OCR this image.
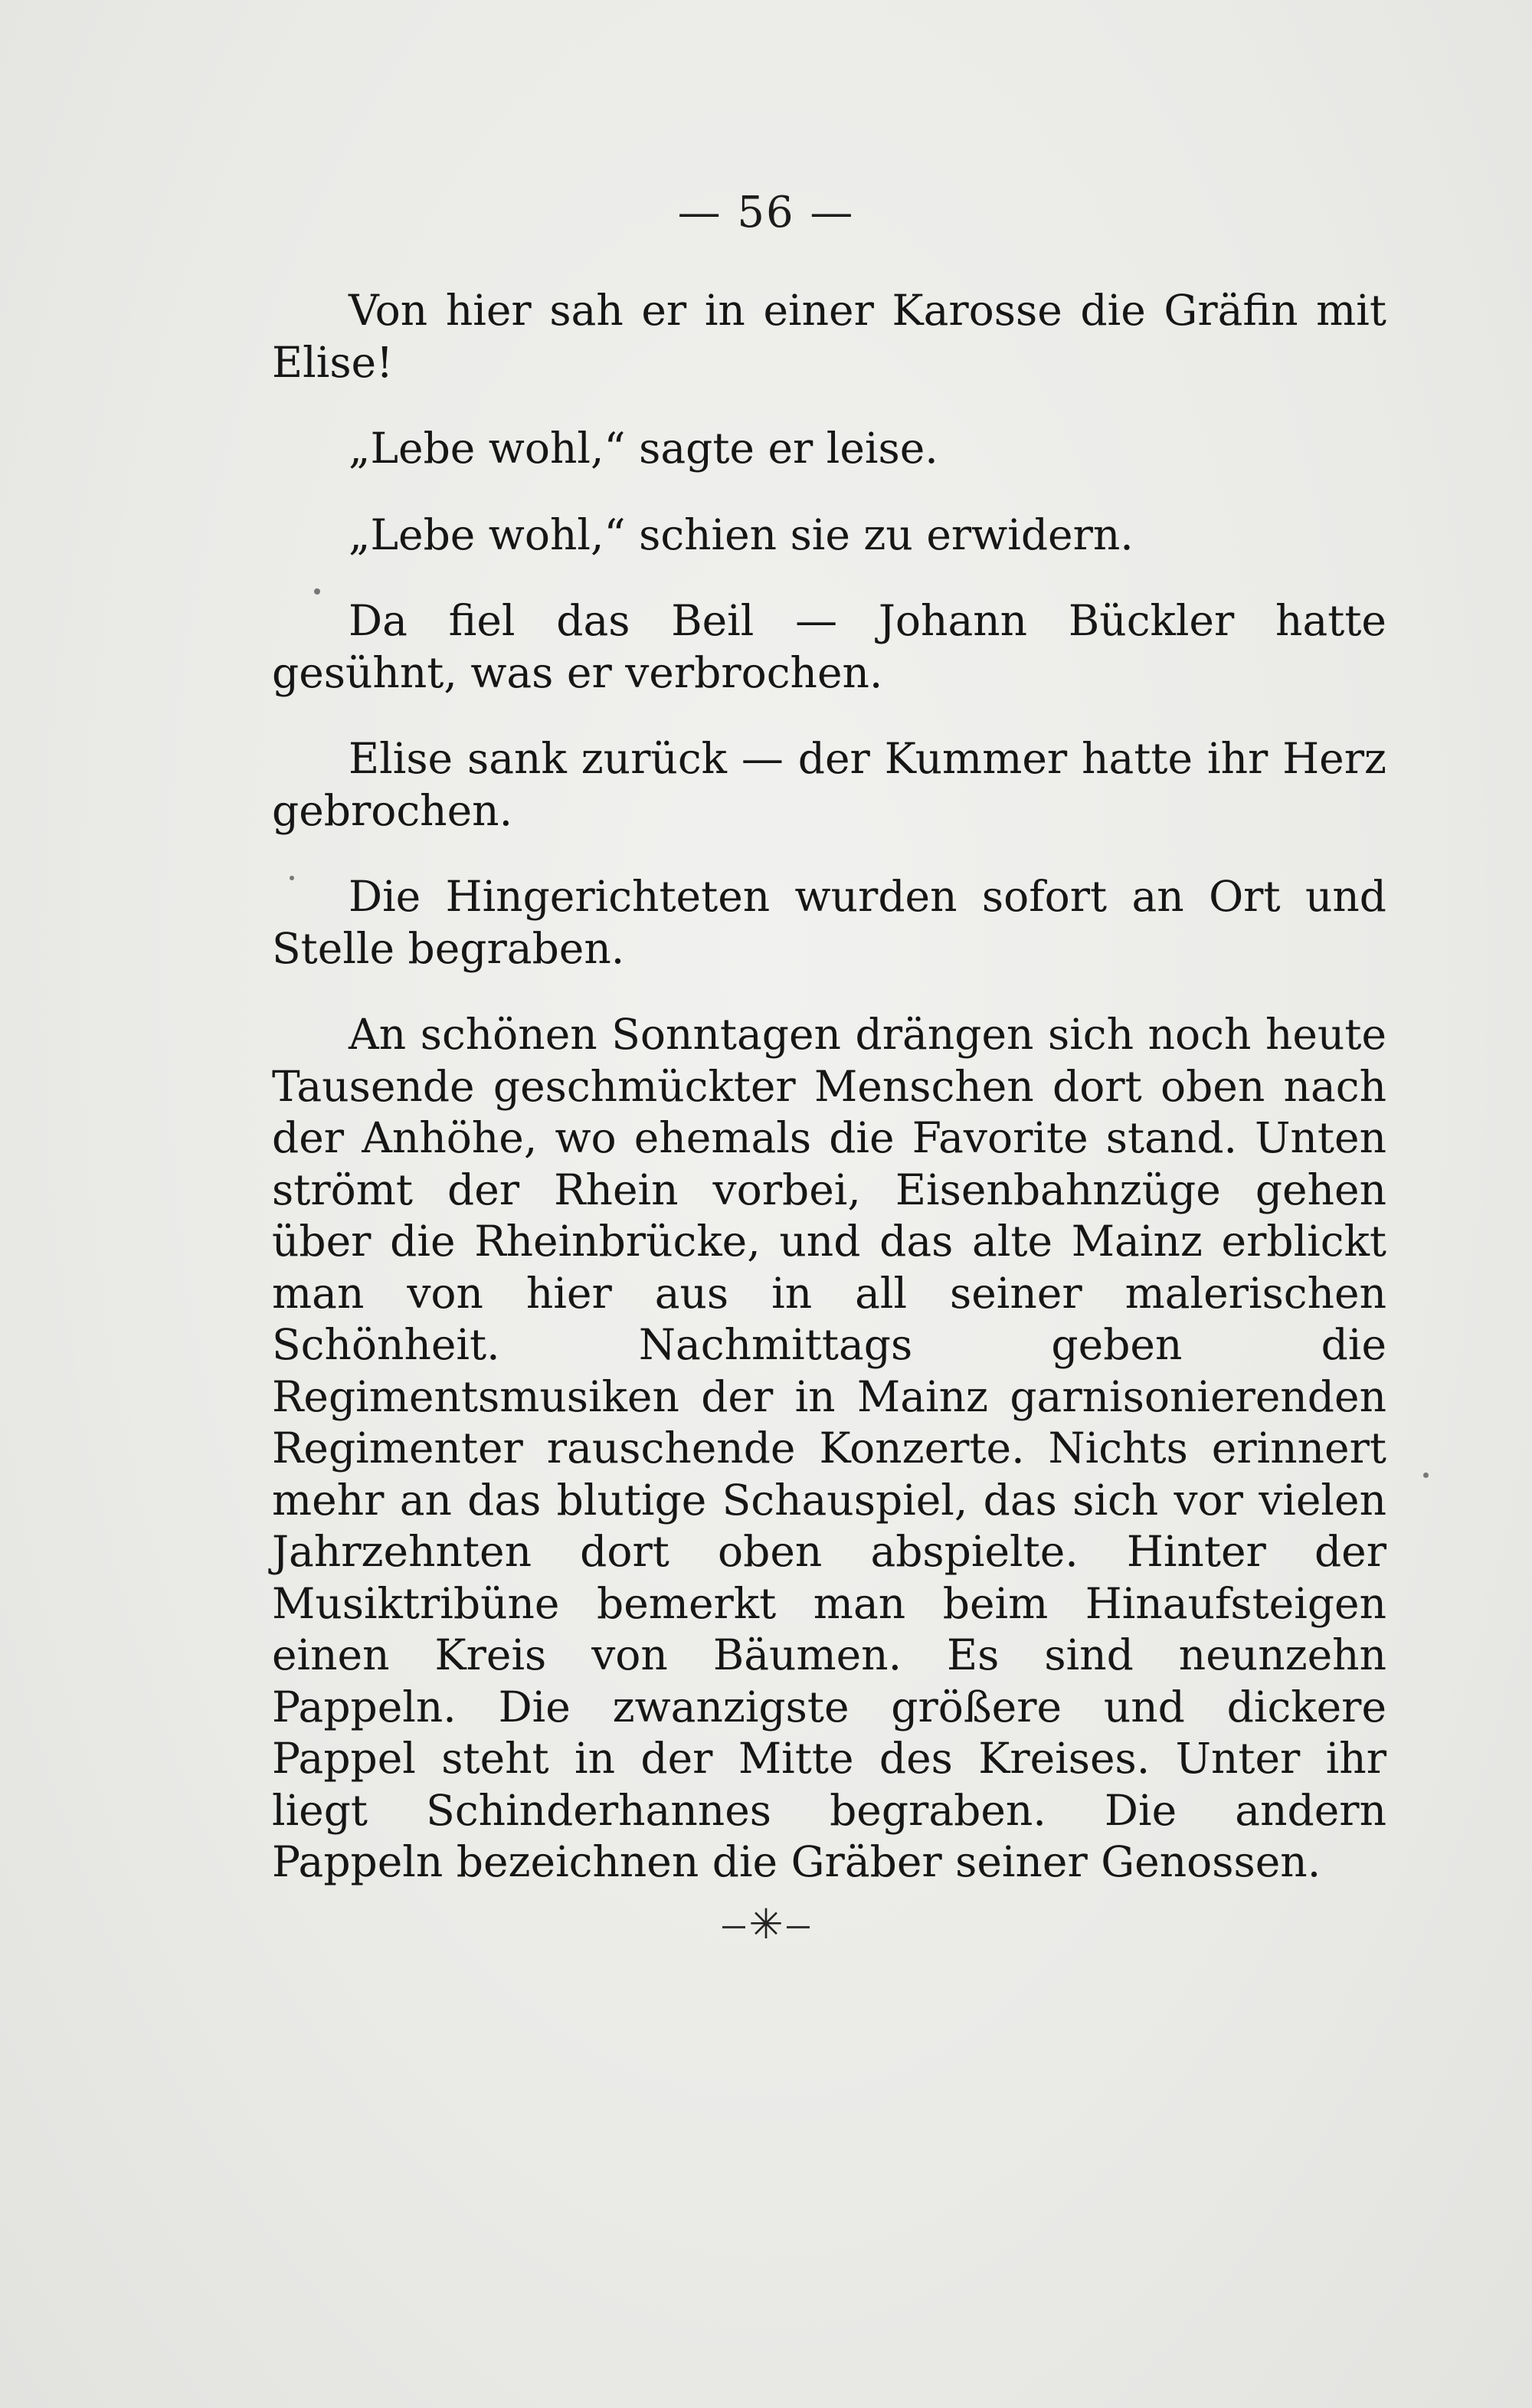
— 56 —

Von hier sah er in einer Karosse die Gräfin mit Elise!

„Lebe wohl,“ sagte er leise.

„Lebe wohl,“ schien sie zu erwidern.

Da fiel das Beil — Johann Bückler hatte gesühnt, was er verbrochen.

Elise sank zurück — der Kummer hatte ihr Herz gebrochen.

Die Hingerichteten wurden sofort an Ort und Stelle begraben.

An schönen Sonntagen drängen sich noch heute Tausende geschmückter Menschen dort oben nach der Anhöhe, wo ehemals die Favorite stand. Unten strömt der Rhein vorbei, Eisenbahnzüge gehen über die Rheinbrücke, und das alte Mainz erblickt man von hier aus in all seiner malerischen Schönheit. Nachmittags geben die Regimentsmusiken der in Mainz garnisonierenden Regimenter rauschende Konzerte. Nichts erinnert mehr an das blutige Schauspiel, das sich vor vielen Jahrzehnten dort oben abspielte. Hinter der Musiktribüne bemerkt man beim Hinaufsteigen einen Kreis von Bäumen. Es sind neunzehn Pappeln. Die zwanzigste größere und dickere Pappel steht in der Mitte des Kreises. Unter ihr liegt Schinderhannes begraben. Die andern Pappeln bezeichnen die Gräber seiner Genossen.

✳
